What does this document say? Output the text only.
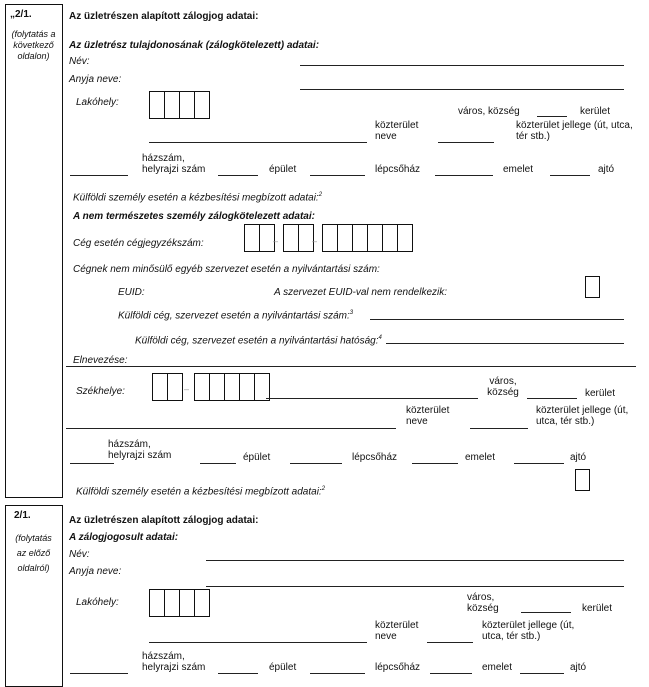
„2/1.
(folytatás a
következő
oldalon)
Az üzletrészen alapított zálogjog adatai:
Az üzletrész tulajdonosának (zálogkötelezett) adatai:
Név:
Anyja neve:
Lakóhely:
város, község	kerület
közterület neve
közterület jellege (út, utca, tér stb.)
házszám, helyrajzi szám	épület	lépcsőház	emelet	ajtó
Külföldi személy esetén a kézbesítési megbízott adatai:$^2$
A nem természetes személy zálogkötelezett adatai:
Cég esetén cégjegyzékszám:	–	–
Cégnek nem minősülő egyéb szervezet esetén a nyilvántartási szám:
EUID:	A szervezet EUID-val nem rendelkezik:
Külföldi cég, szervezet esetén a nyilvántartási szám:$^3$
Külföldi cég, szervezet esetén a nyilvántartási hatóság:$^4$
Elnevezése:
Székhelye:	–
város, község	kerület
közterület neve
közterület jellege (út, utca, tér stb.)
házszám, helyrajzi szám	épület	lépcsőház	emelet	ajtó
Külföldi személy esetén a kézbesítési megbízott adatai:$^2$
2/1.
(folytatás
az előző
oldalról)
Az üzletrészen alapított zálogjog adatai:
A zálogjogosult adatai:
Név:
Anyja neve:
Lakóhely:	város, község	kerület
közterület neve
közterület jellege (út, utca, tér stb.)
házszám, helyrajzi szám	épület	lépcsőház	emelet	ajtó
